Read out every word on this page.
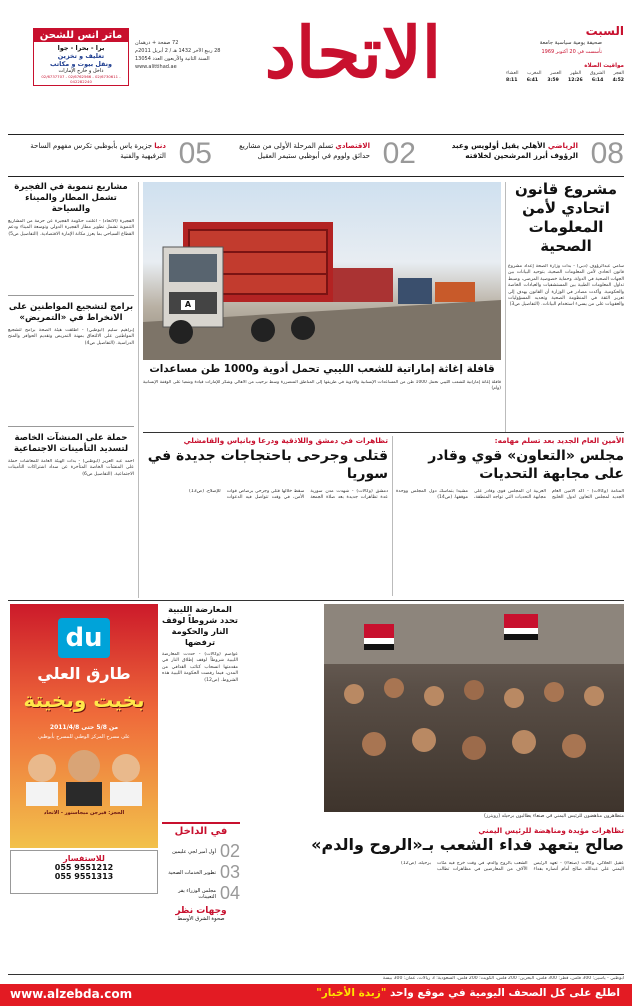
الاتحاد	السبت
صحيفة يومية سياسية جامعة
تأسست في 20 أكتوبر 1969
72 صفحة + درهمان
28 ربيع الآخر 1432 هـ / 2 أبريل 2011م
السنة الثانية والأربعون العدد 13054
www.alittihad.ae	مواقيت الصلاة
الفجر
الشروق
الظهر
العصر
المغرب
العشاء
4:52
6:14
12:26
3:59
6:41
8:11
ماتر انس للشحن
برا - بحرا - جوا
تغليف و تخزين
ونقل بيوت و مكاتب
داخل و خارج الإمارات
02/6737707 - 02/6762566 - 02/6730611 - 042282240
08
الرياضي الأهلي يقيل أولويس وعبد الرؤوف أبرز المرشحين لخلافته
02
الاقتصادي تسلم المرحلة الأولى من مشاريع حدائق ولووم في أبوظبي ستيمر العقيل
05
دنيا جزيرة ياس بأبوظبي تكرس مفهوم الساحة الترفيهية والفنية
مشروع قانون اتحادي لأمن المعلومات الصحية
سامي عبدالرؤوف (دبي) - بدأت وزارة الصحة إعداد مشروع قانون اتحادي لأمن المعلومات الصحية، بتوحيد البيانات بين الجهات الصحية في الدولة، وحماية خصوصية المرضى، وضبط تداول المعلومات الطبية بين المستشفيات والعيادات الخاصة والحكومية. وأكدت مصادر في الوزارة أن القانون يهدف إلى تعزيز الثقة في المنظومة الصحية وتحديد المسؤوليات والعقوبات على من يسيء استخدام البيانات. (التفاصيل ص3)
A
قافلة إغاثة إماراتية للشعب الليبي تحمل أدوية و1000 طن مساعدات
قافلة إغاثة إماراتية للشعب الليبي تحمل 1000 طن من المساعدات الإنسانية والأدوية في طريقها إلى المناطق المتضررة وسط ترحيب من الأهالي وشكر للإمارات قيادة وشعباً على الوقفة الإنسانية (وام)
مشاريع تنموية في الفجيرة تشمل المطار والميناء والسياحة
الفجيرة (الاتحاد) - أعلنت حكومة الفجيرة عن حزمة من المشاريع التنموية تشمل تطوير مطار الفجيرة الدولي وتوسعة الميناء ودعم القطاع السياحي بما يعزز مكانة الإمارة الاقتصادية. (التفاصيل ص5)
برامج لتشجيع المواطنين على الانخراط في «التمريض»
إبراهيم سليم (أبوظبي) - أطلقت هيئة الصحة برامج لتشجيع المواطنين على الالتحاق بمهنة التمريض وتقديم الحوافز والمنح الدراسية. (التفاصيل ص4)
حملة على المنشآت الخاصة لتسديد التأمينات الاجتماعية
أحمد عبد العزيز (أبوظبي) - بدأت الهيئة العامة للمعاشات حملة على المنشآت الخاصة المتأخرة عن سداد اشتراكات التأمينات الاجتماعية. (التفاصيل ص6)
الأمين العام الجديد بعد تسلم مهامه:
مجلس «التعاون» قوي وقادر على مجابهة التحديات
المنامة (وكالات) - أكد الأمين العام الجديد لمجلس التعاون لدول الخليج العربية أن المجلس قوي وقادر على مجابهة التحديات التي تواجه المنطقة، مشيداً بتماسك دول المجلس ووحدة موقفها. (ص14)
تظاهرات في دمشق واللاذقية ودرعا وبانياس والقامشلي
قتلى وجرحى باحتجاجات جديدة في سوريا
دمشق (وكالات) - شهدت مدن سورية عدة تظاهرات جديدة بعد صلاة الجمعة سقط خلالها قتلى وجرحى برصاص قوات الأمن، في وقت تتواصل فيه الدعوات للإصلاح. (ص13)
du
طارق العلي
بخيت وبخيتة
من 5/8 حتى 2011/4/8
على مسرح المركز الوطني للمسرح بأبوظبي
الحجز: فيرجن ميجاستور - الاتحاد
للاستفسار
055 9551212
055 9551313
المعارضة الليبية تحدد شروطاً لوقف النار والحكومة ترفضها
عواصم (وكالات) - حددت المعارضة الليبية شروطاً لوقف إطلاق النار في مقدمتها انسحاب كتائب القذافي من المدن، فيما رفضت الحكومة الليبية هذه الشروط. (ص12)
متظاهرون مناهضون للرئيس اليمني في صنعاء يطالبون برحيله (رويترز)
تظاهرات مؤيدة ومناهضة للرئيس اليمني
صالح يتعهد فداء الشعب بـ«الروح والدم»
عقيل الحلالي، وكالات (صنعاء) - تعهد الرئيس اليمني علي عبدالله صالح أمام أنصاره بفداء الشعب بالروح والدم، في وقت خرج فيه مئات الآلاف من المعارضين في مظاهرات تطالب برحيله. (ص12)
في الداخل
02
أول أمير لجي عليمين
03
تطوير الخدمات الصحية
04
مجلس الوزراء يقر التعيينات
وجهات نظر
صحوة الشرق الأوسط
أبوظبي - ياسين: 300 فلس، قطر: 300 فلس، البحرين: 200 فلس، الكويت: 200 فلس، السعودية: 3 ريالات، عمان: 300 بيسة
اطلع على كل الصحف اليومية في موقع واحد "زبدة الأخبار"
www.alzebda.com
